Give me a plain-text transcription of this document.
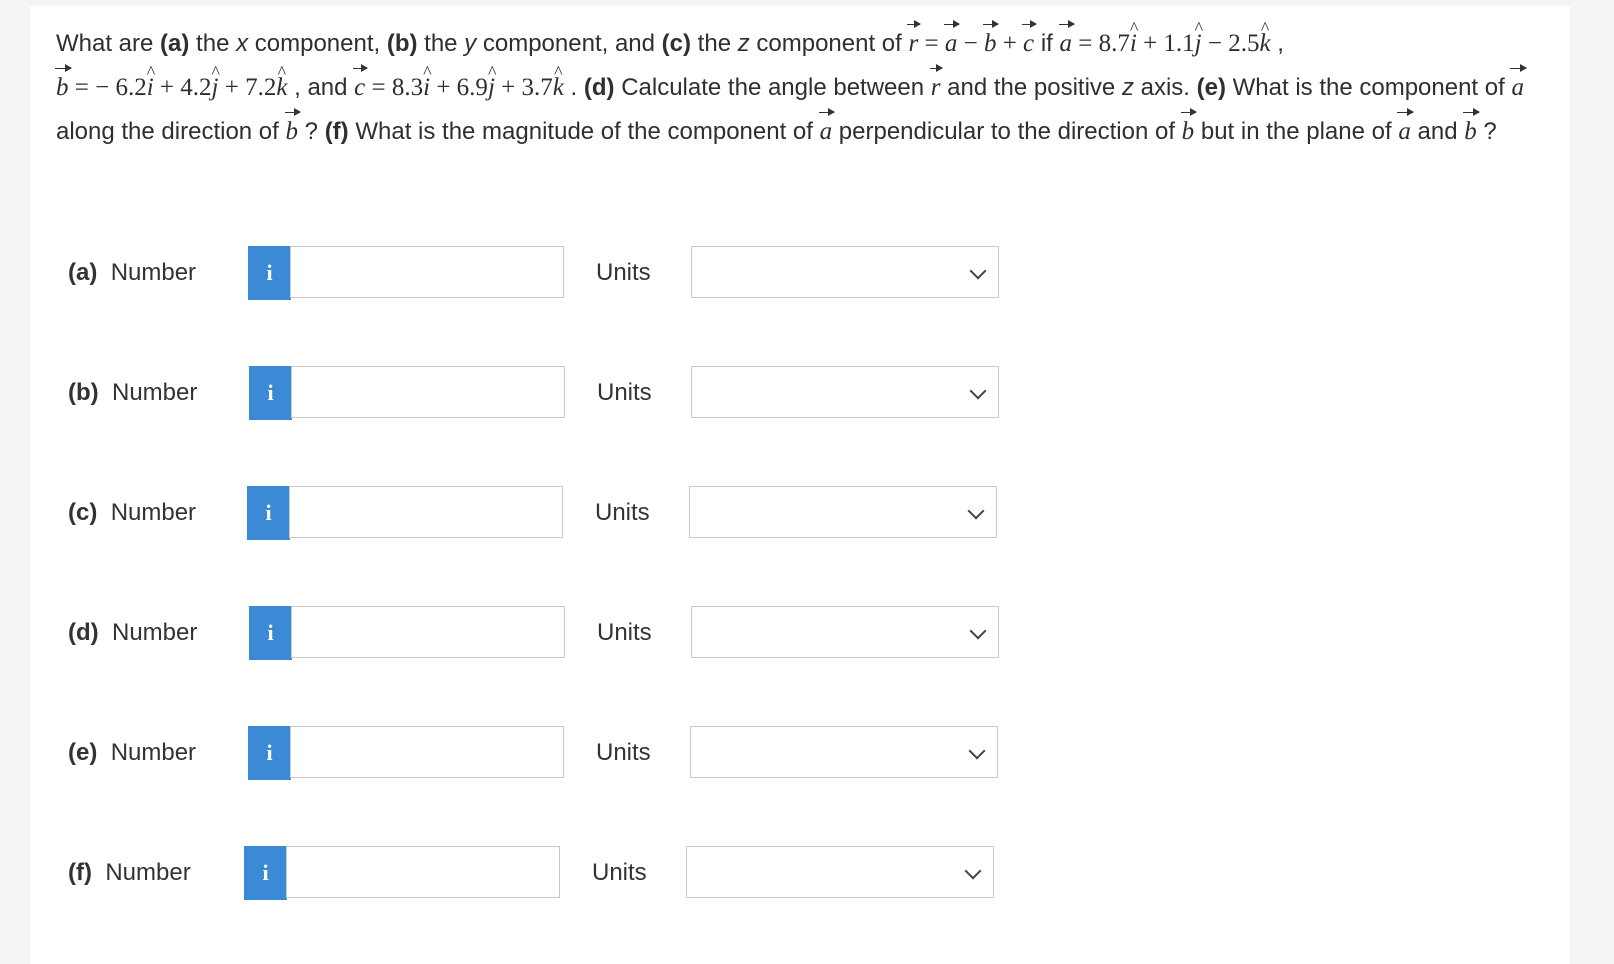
What are (a) the x component, (b) the y component, and (c) the z component of r = a − b + c if a = 8.7i ^ + 1.1j ^ − 2.5k ^ ,
b = − 6.2i ^ + 4.2j ^ + 7.2k ^ , and c = 8.3i ^ + 6.9j ^ + 3.7k ^ . (d) Calculate the angle between r and the positive z axis. (e) What is the component of a along the direction of b ? (f) What is the magnitude of the component of a perpendicular to the direction of b but in the plane of a and b ?
(a) Number	i	Units
(b) Number	i	Units
(c) Number	i	Units
(d) Number	i	Units
(e) Number	i	Units
(f) Number	i	Units
